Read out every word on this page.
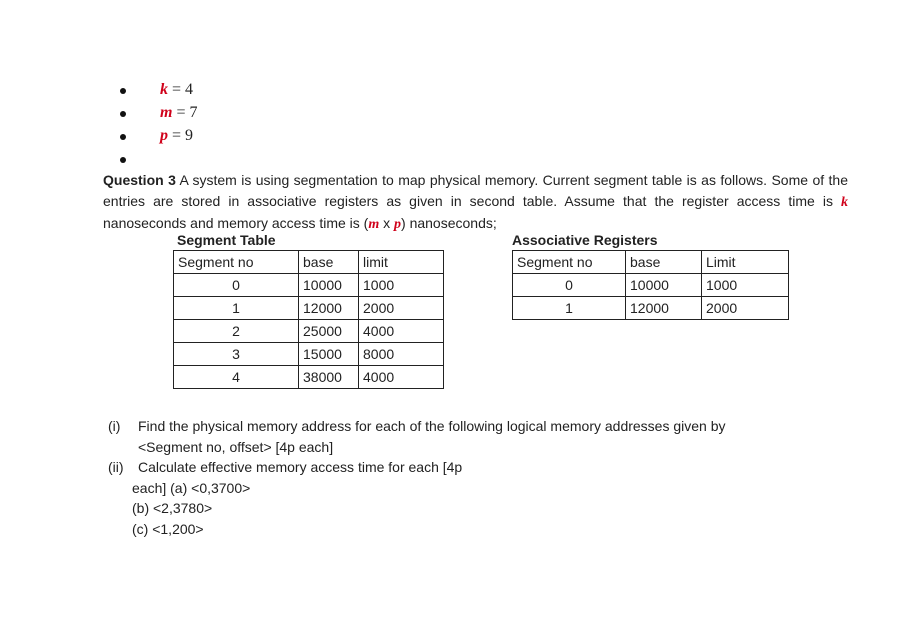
k = 4
m = 7
p = 9
Question 3 A system is using segmentation to map physical memory. Current segment table is as follows. Some of the entries are stored in associative registers as given in second table. Assume that the register access time is k nanoseconds and memory access time is (m x p) nanoseconds;
Segment Table
Segment no	base	limit
0	10000	1000
1	12000	2000
2	25000	4000
3	15000	8000
4	38000	4000
Associative Registers
Segment no	base	Limit
0	10000	1000
1	12000	2000
(i) Find the physical memory address for each of the following logical memory addresses given by
<Segment no, offset> [4p each]
(ii) Calculate effective memory access time for each [4p
each] (a) <0,3700>
(b) <2,3780>
(c) <1,200>
